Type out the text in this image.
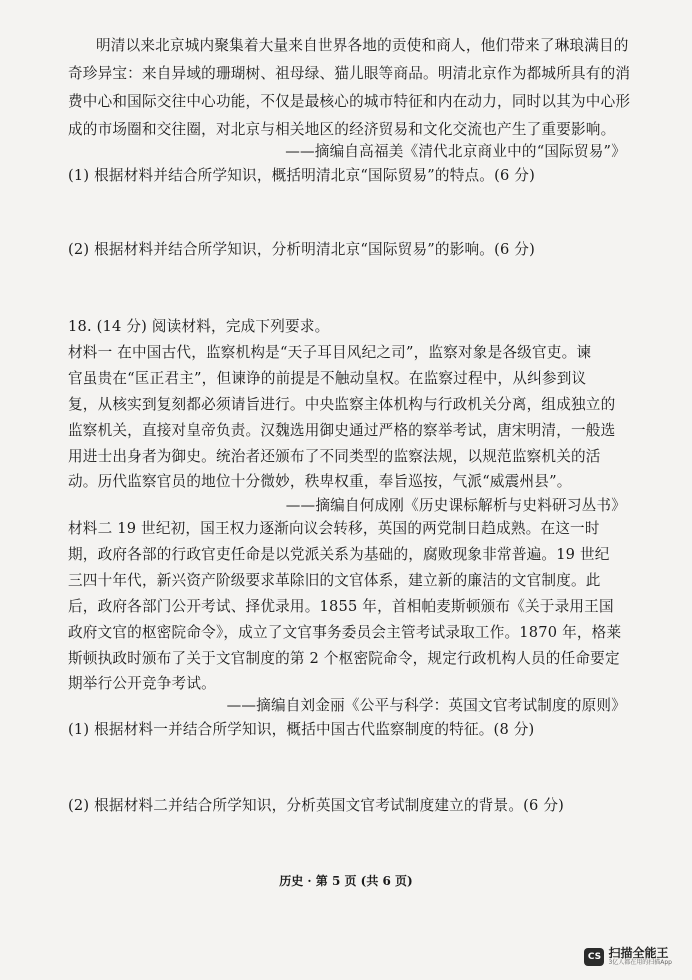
明清以来北京城内聚集着大量来自世界各地的贡使和商人，他们带来了琳琅满目的
奇珍异宝：来自异域的珊瑚树、祖母绿、猫儿眼等商品。明清北京作为都城所具有的消
费中心和国际交往中心功能，不仅是最核心的城市特征和内在动力，同时以其为中心形
成的市场圈和交往圈，对北京与相关地区的经济贸易和文化交流也产生了重要影响。
——摘编自高福美《清代北京商业中的“国际贸易”》
(1) 根据材料并结合所学知识，概括明清北京“国际贸易”的特点。(6 分)
(2) 根据材料并结合所学知识，分析明清北京“国际贸易”的影响。(6 分)
18. (14 分) 阅读材料，完成下列要求。
材料一 在中国古代，监察机构是“天子耳目风纪之司”，监察对象是各级官吏。谏
官虽贵在“匡正君主”，但谏诤的前提是不触动皇权。在监察过程中，从纠参到议
复，从核实到复刻都必须请旨进行。中央监察主体机构与行政机关分离，组成独立的
监察机关，直接对皇帝负责。汉魏选用御史通过严格的察举考试，唐宋明清，一般选
用进士出身者为御史。统治者还颁布了不同类型的监察法规，以规范监察机关的活
动。历代监察官员的地位十分微妙，秩卑权重，奉旨巡按，气派“威震州县”。
——摘编自何成刚《历史课标解析与史料研习丛书》
材料二 19 世纪初，国王权力逐渐向议会转移，英国的两党制日趋成熟。在这一时
期，政府各部的行政官吏任命是以党派关系为基础的，腐败现象非常普遍。19 世纪
三四十年代，新兴资产阶级要求革除旧的文官体系，建立新的廉洁的文官制度。此
后，政府各部门公开考试、择优录用。1855 年，首相帕麦斯顿颁布《关于录用王国
政府文官的枢密院命令》，成立了文官事务委员会主管考试录取工作。1870 年，格莱
斯顿执政时颁布了关于文官制度的第 2 个枢密院命令，规定行政机构人员的任命要定
期举行公开竞争考试。
——摘编自刘金丽《公平与科学：英国文官考试制度的原则》
(1) 根据材料一并结合所学知识，概括中国古代监察制度的特征。(8 分)
(2) 根据材料二并结合所学知识，分析英国文官考试制度建立的背景。(6 分)
历史 · 第 5 页 (共 6 页)
CS 扫描全能王
3亿人都在用的扫描App
